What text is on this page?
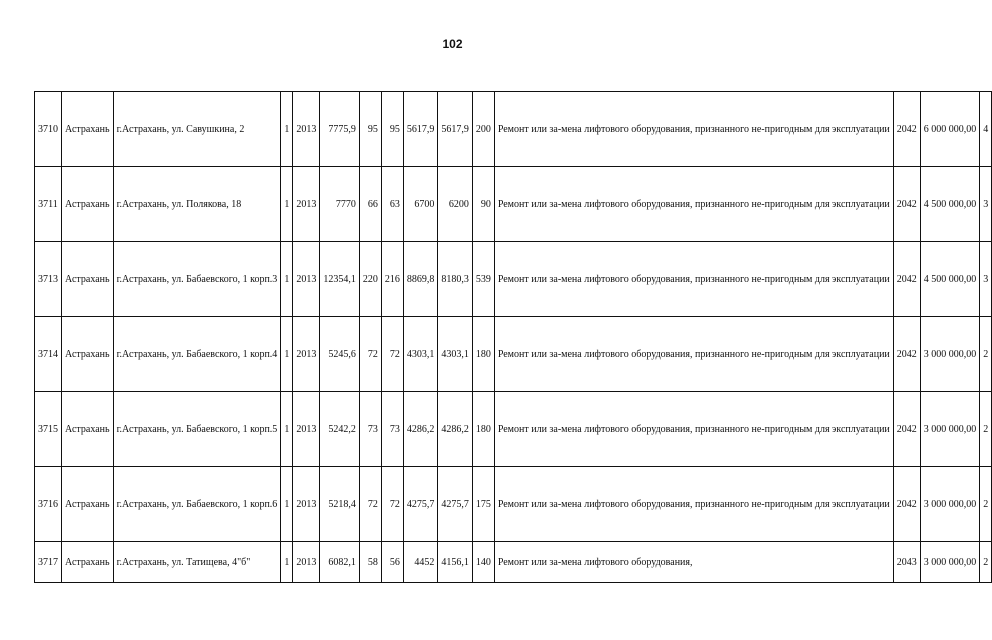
102
3710	Астрахань	г.Астрахань, ул. Савушкина, 2	1	2013	7775,9	95	95	5617,9	5617,9	200	Ремонт или за-мена лифтового оборудования, признанного не-пригодным для эксплуатации	2042	6 000 000,00	4
3711	Астрахань	г.Астрахань, ул. Полякова, 18	1	2013	7770	66	63	6700	6200	90	Ремонт или за-мена лифтового оборудования, признанного не-пригодным для эксплуатации	2042	4 500 000,00	3
3713	Астрахань	г.Астрахань, ул. Бабаевского, 1 корп.3	1	2013	12354,1	220	216	8869,8	8180,3	539	Ремонт или за-мена лифтового оборудования, признанного не-пригодным для эксплуатации	2042	4 500 000,00	3
3714	Астрахань	г.Астрахань, ул. Бабаевского, 1 корп.4	1	2013	5245,6	72	72	4303,1	4303,1	180	Ремонт или за-мена лифтового оборудования, признанного не-пригодным для эксплуатации	2042	3 000 000,00	2
3715	Астрахань	г.Астрахань, ул. Бабаевского, 1 корп.5	1	2013	5242,2	73	73	4286,2	4286,2	180	Ремонт или за-мена лифтового оборудования, признанного не-пригодным для эксплуатации	2042	3 000 000,00	2
3716	Астрахань	г.Астрахань, ул. Бабаевского, 1 корп.6	1	2013	5218,4	72	72	4275,7	4275,7	175	Ремонт или за-мена лифтового оборудования, признанного не-пригодным для эксплуатации	2042	3 000 000,00	2
3717	Астрахань	г.Астрахань, ул. Татищева, 4"б"	1	2013	6082,1	58	56	4452	4156,1	140	Ремонт или за-мена лифтового оборудования,	2043	3 000 000,00	2
